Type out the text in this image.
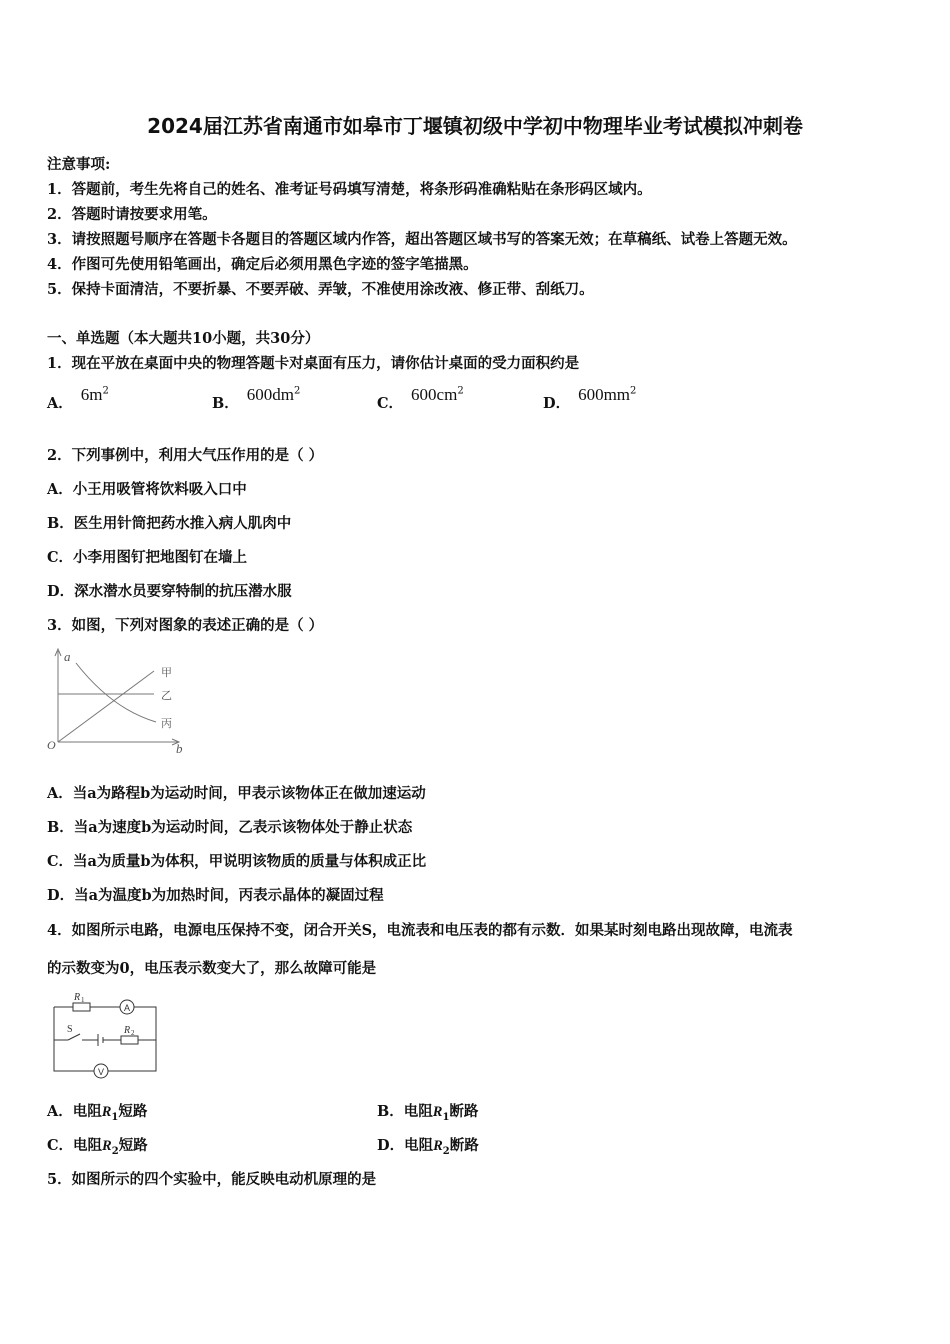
2024届江苏省南通市如皋市丁堰镇初级中学初中物理毕业考试模拟冲刺卷
注意事项:
1．答题前，考生先将自己的姓名、准考证号码填写清楚，将条形码准确粘贴在条形码区域内。
2．答题时请按要求用笔。
3．请按照题号顺序在答题卡各题目的答题区域内作答，超出答题区域书写的答案无效；在草稿纸、试卷上答题无效。
4．作图可先使用铅笔画出，确定后必须用黑色字迹的签字笔描黑。
5．保持卡面清洁，不要折暴、不要弄破、弄皱，不准使用涂改液、修正带、刮纸刀。
一、单选题（本大题共10小题，共30分）
1．现在平放在桌面中央的物理答题卡对桌面有压力，请你估计桌面的受力面积约是
A． $6m^2$
B． $600dm^2$
C． $600cm^2$
D． $600mm^2$
2．下列事例中，利用大气压作用的是（ ）
A．小王用吸管将饮料吸入口中
B．医生用针筒把药水推入病人肌肉中
C．小李用图钉把地图钉在墙上
D．深水潜水员要穿特制的抗压潜水服
3．如图，下列对图象的表述正确的是（ ）
a
b
O
甲
乙
丙
A．当a为路程b为运动时间，甲表示该物体正在做加速运动
B．当a为速度b为运动时间，乙表示该物体处于静止状态
C．当a为质量b为体积，甲说明该物质的质量与体积成正比
D．当a为温度b为加热时间，丙表示晶体的凝固过程
4．如图所示电路，电源电压保持不变，闭合开关S，电流表和电压表的都有示数．如果某时刻电路出现故障，电流表
的示数变为0，电压表示数变大了，那么故障可能是
R 1
A
S	R 2
V
A．电阻$R_1$短路	B．电阻$R_1$断路
C．电阻$R_2$短路	D．电阻$R_2$断路
5．如图所示的四个实验中，能反映电动机原理的是
